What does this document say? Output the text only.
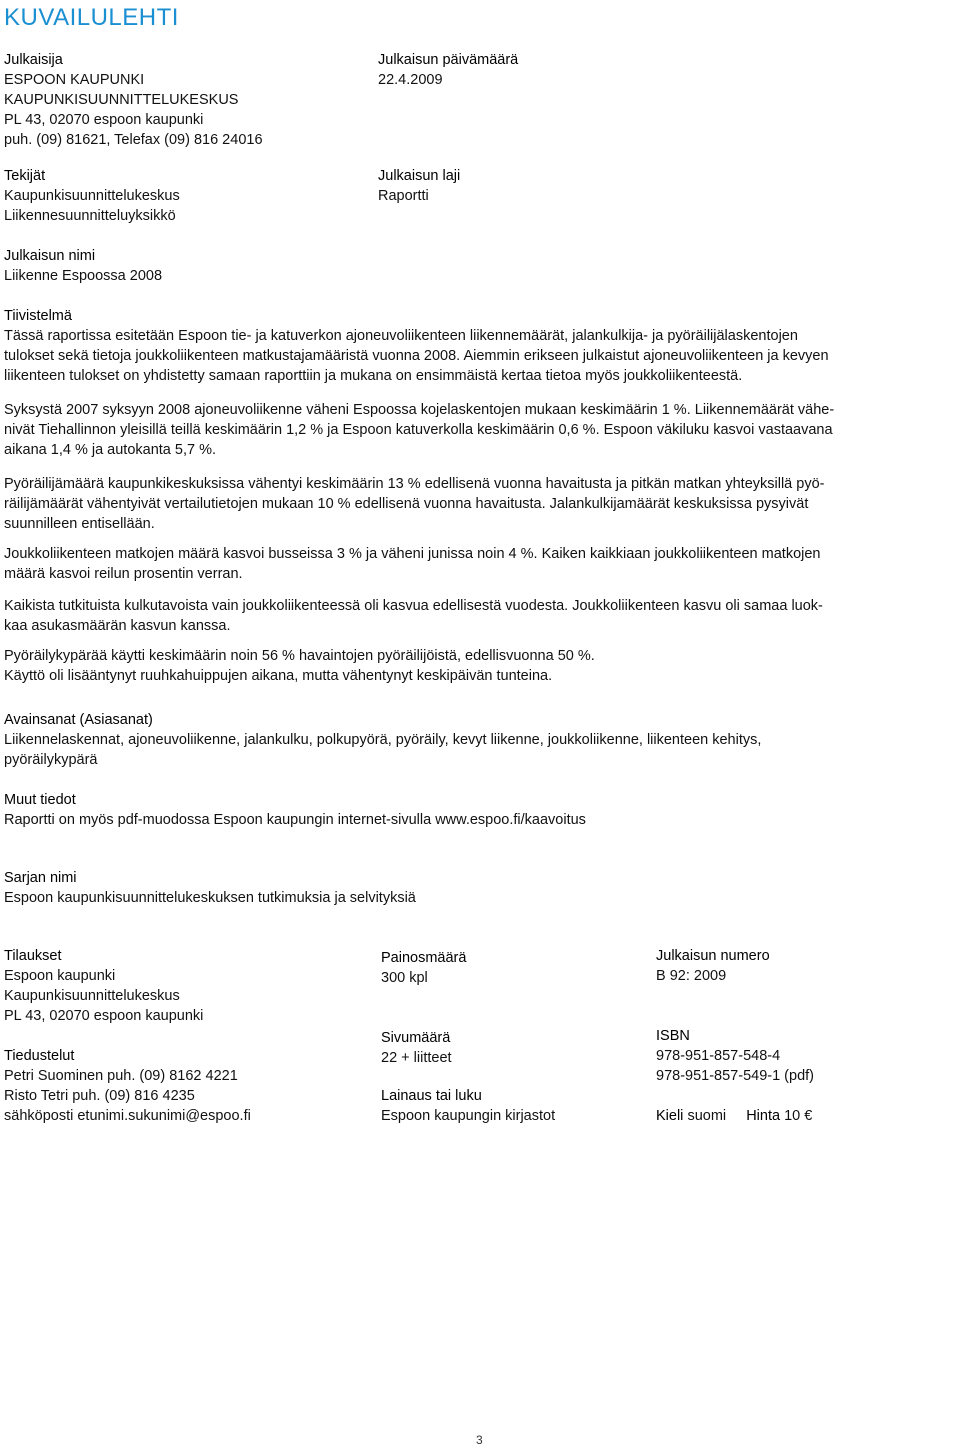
KUVAILULEHTI
Julkaisija
ESPOON KAUPUNKI
KAUPUNKISUUNNITTELUKESKUS
PL 43, 02070 espoon kaupunki
puh. (09) 81621, Telefax (09) 816 24016
Julkaisun päivämäärä
22.4.2009
Tekijät
Kaupunkisuunnittelukeskus
Liikennesuunnitteluyksikkö
Julkaisun laji
Raportti
Julkaisun nimi
Liikenne Espoossa 2008
Tiivistelmä
Tässä raportissa esitetään Espoon tie- ja katuverkon ajoneuvoliikenteen liikennemäärät, jalankulkija- ja pyöräilijälaskentojen
tulokset sekä tietoja joukkoliikenteen matkustajamääristä vuonna 2008. Aiemmin erikseen julkaistut ajoneuvoliikenteen ja kevyen
liikenteen tulokset on yhdistetty samaan raporttiin ja mukana on ensimmäistä kertaa tietoa myös joukkoliikenteestä.
Syksystä 2007 syksyyn 2008 ajoneuvoliikenne väheni Espoossa kojelaskentojen mukaan keskimäärin 1 %. Liikennemäärät vähe-
nivät Tiehallinnon yleisillä teillä keskimäärin 1,2 % ja Espoon katuverkolla keskimäärin 0,6 %. Espoon väkiluku kasvoi vastaavana
aikana 1,4 % ja autokanta 5,7 %.
Pyöräilijämäärä kaupunkikeskuksissa vähentyi keskimäärin 13 % edellisenä vuonna havaitusta ja pitkän matkan yhteyksillä pyö-
räilijämäärät vähentyivät vertailutietojen mukaan 10 % edellisenä vuonna havaitusta. Jalankulkijamäärät keskuksissa pysyivät
suunnilleen entisellään.
Joukkoliikenteen matkojen määrä kasvoi busseissa 3 % ja väheni junissa noin 4 %. Kaiken kaikkiaan joukkoliikenteen matkojen
määrä kasvoi reilun prosentin verran.
Kaikista tutkituista kulkutavoista vain joukkoliikenteessä oli kasvua edellisestä vuodesta. Joukkoliikenteen kasvu oli samaa luok-
kaa asukasmäärän kasvun kanssa.
Pyöräilykypärää käytti keskimäärin noin 56 % havaintojen pyöräilijöistä, edellisvuonna 50 %.
Käyttö oli lisääntynyt ruuhkahuippujen aikana, mutta vähentynyt keskipäivän tunteina.
Avainsanat (Asiasanat)
Liikennelaskennat, ajoneuvoliikenne, jalankulku, polkupyörä, pyöräily, kevyt liikenne, joukkoliikenne, liikenteen kehitys,
pyöräilykypärä
Muut tiedot
Raportti on myös pdf-muodossa Espoon kaupungin internet-sivulla www.espoo.fi/kaavoitus
Sarjan nimi
Espoon kaupunkisuunnittelukeskuksen tutkimuksia ja selvityksiä
Tilaukset
Espoon kaupunki
Kaupunkisuunnittelukeskus
PL 43, 02070 espoon kaupunki
Tiedustelut
Petri Suominen puh. (09) 8162 4221
Risto Tetri puh. (09) 816 4235
sähköposti etunimi.sukunimi@espoo.fi
Painosmäärä
300 kpl
Sivumäärä
22 + liitteet
Lainaus tai luku
Espoon kaupungin kirjastot
Julkaisun numero
B 92: 2009
ISBN
978-951-857-548-4
978-951-857-549-1 (pdf)
Kieli suomi Hinta 10 €
3
